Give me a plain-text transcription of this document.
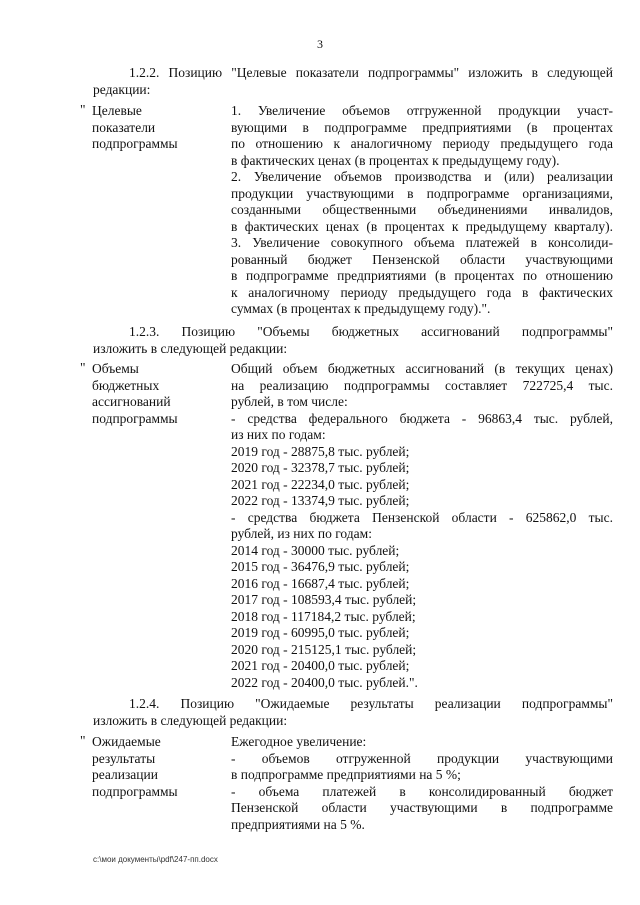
3
1.2.2. Позицию "Целевые показатели подпрограммы" изложить в следующей редакции:
" Целевые
показатели
подпрограммы
1. Увеличение объемов отгруженной продукции участ-
вующими в подпрограмме предприятиями (в процентах
по отношению к аналогичному периоду предыдущего года
в фактических ценах (в процентах к предыдущему году).
2. Увеличение объемов производства и (или) реализации
продукции участвующими в подпрограмме организациями,
созданными общественными объединениями инвалидов,
в фактических ценах (в процентах к предыдущему кварталу).
3. Увеличение совокупного объема платежей в консолиди-
рованный бюджет Пензенской области участвующими
в подпрограмме предприятиями (в процентах по отношению
к аналогичному периоду предыдущего года в фактических
суммах (в процентах к предыдущему году).".
1.2.3. Позицию "Объемы бюджетных ассигнований подпрограммы"
изложить в следующей редакции:
" Объемы
бюджетных
ассигнований
подпрограммы
Общий объем бюджетных ассигнований (в текущих ценах)
на реализацию подпрограммы составляет 722725,4 тыс.
рублей, в том числе:
- средства федерального бюджета - 96863,4 тыс. рублей,
из них по годам:
2019 год - 28875,8 тыс. рублей;
2020 год - 32378,7 тыс. рублей;
2021 год - 22234,0 тыс. рублей;
2022 год - 13374,9 тыс. рублей;
- средства бюджета Пензенской области - 625862,0 тыс.
рублей, из них по годам:
2014 год - 30000 тыс. рублей;
2015 год - 36476,9 тыс. рублей;
2016 год - 16687,4 тыс. рублей;
2017 год - 108593,4 тыс. рублей;
2018 год - 117184,2 тыс. рублей;
2019 год - 60995,0 тыс. рублей;
2020 год - 215125,1 тыс. рублей;
2021 год - 20400,0 тыс. рублей;
2022 год - 20400,0 тыс. рублей.".
1.2.4. Позицию "Ожидаемые результаты реализации подпрограммы"
изложить в следующей редакции:
" Ожидаемые
результаты
реализации
подпрограммы
Ежегодное увеличение:
- объемов отгруженной продукции участвующими
в подпрограмме предприятиями на 5 %;
- объема платежей в консолидированный бюджет
Пензенской области участвующими в подпрограмме
предприятиями на 5 %.
c:\мои документы\pdf\247-пп.docx
